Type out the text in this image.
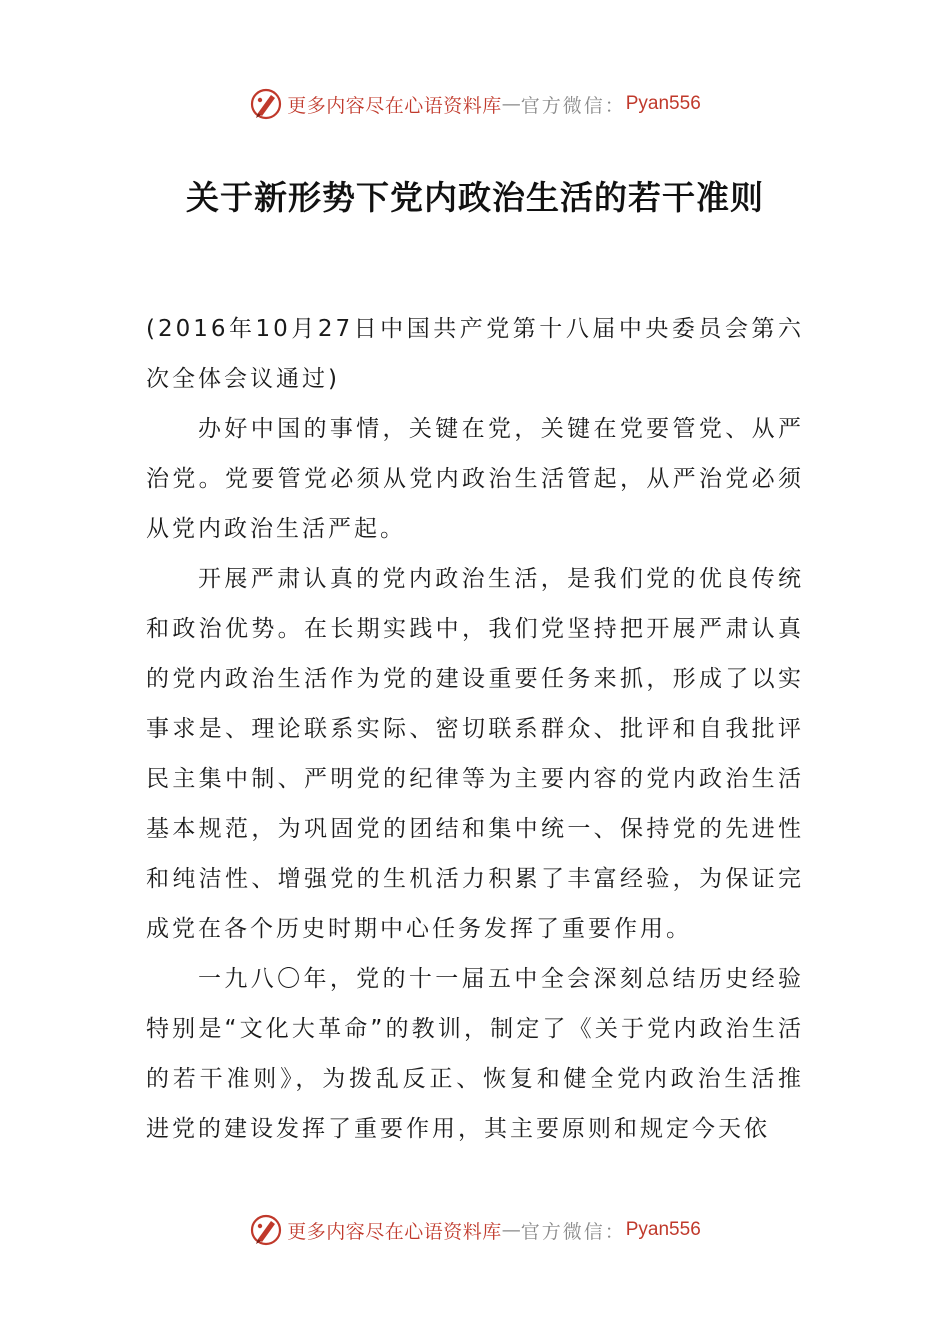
更多内容尽在心语资料库 — 官方微信： Pyan556
关于新形势下党内政治生活的若干准则

(2016年10月27日中国共产党第十八届中央委员会第六次全体会议通过)

办好中国的事情，关键在党，关键在党要管党、从严治党。党要管党必须从党内政治生活管起，从严治党必须从党内政治生活严起。

开展严肃认真的党内政治生活，是我们党的优良传统和政治优势。在长期实践中，我们党坚持把开展严肃认真的党内政治生活作为党的建设重要任务来抓，形成了以实事求是、理论联系实际、密切联系群众、批评和自我批评民主集中制、严明党的纪律等为主要内容的党内政治生活基本规范，为巩固党的团结和集中统一、保持党的先进性和纯洁性、增强党的生机活力积累了丰富经验，为保证完成党在各个历史时期中心任务发挥了重要作用。

一九八〇年，党的十一届五中全会深刻总结历史经验特别是“文化大革命”的教训，制定了《关于党内政治生活的若干准则》，为拨乱反正、恢复和健全党内政治生活推进党的建设发挥了重要作用，其主要原则和规定今天依

更多内容尽在心语资料库 — 官方微信： Pyan556
